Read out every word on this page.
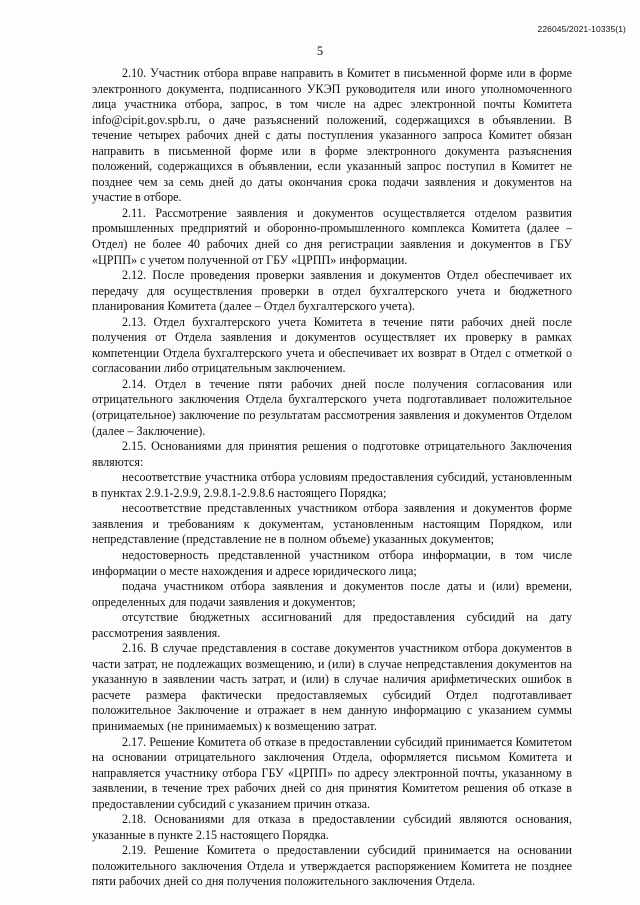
226045/2021-10335(1)
5

2.10. Участник отбора вправе направить в Комитет в письменной форме или в форме электронного документа, подписанного УКЭП руководителя или иного уполномоченного лица участника отбора, запрос, в том числе на адрес электронной почты Комитета info@cipit.gov.spb.ru, о даче разъяснений положений, содержащихся в объявлении. В течение четырех рабочих дней с даты поступления указанного запроса Комитет обязан направить в письменной форме или в форме электронного документа разъяснения положений, содержащихся в объявлении, если указанный запрос поступил в Комитет не позднее чем за семь дней до даты окончания срока подачи заявления и документов на участие в отборе.

2.11. Рассмотрение заявления и документов осуществляется отделом развития промышленных предприятий и оборонно-промышленного комплекса Комитета (далее – Отдел) не более 40 рабочих дней со дня регистрации заявления и документов в ГБУ «ЦРПП» с учетом полученной от ГБУ «ЦРПП» информации.

2.12. После проведения проверки заявления и документов Отдел обеспечивает их передачу для осуществления проверки в отдел бухгалтерского учета и бюджетного планирования Комитета (далее – Отдел бухгалтерского учета).

2.13. Отдел бухгалтерского учета Комитета в течение пяти рабочих дней после получения от Отдела заявления и документов осуществляет их проверку в рамках компетенции Отдела бухгалтерского учета и обеспечивает их возврат в Отдел с отметкой о согласовании либо отрицательным заключением.

2.14. Отдел в течение пяти рабочих дней после получения согласования или отрицательного заключения Отдела бухгалтерского учета подготавливает положительное (отрицательное) заключение по результатам рассмотрения заявления и документов Отделом (далее – Заключение).

2.15. Основаниями для принятия решения о подготовке отрицательного Заключения являются:

несоответствие участника отбора условиям предоставления субсидий, установленным в пунктах 2.9.1-2.9.9, 2.9.8.1-2.9.8.6 настоящего Порядка;

несоответствие представленных участником отбора заявления и документов форме заявления и требованиям к документам, установленным настоящим Порядком, или непредставление (представление не в полном объеме) указанных документов;

недостоверность представленной участником отбора информации, в том числе информации о месте нахождения и адресе юридического лица;

подача участником отбора заявления и документов после даты и (или) времени, определенных для подачи заявления и документов;

отсутствие бюджетных ассигнований для предоставления субсидий на дату рассмотрения заявления.

2.16. В случае представления в составе документов участником отбора документов в части затрат, не подлежащих возмещению, и (или) в случае непредставления документов на указанную в заявлении часть затрат, и (или) в случае наличия арифметических ошибок в расчете размера фактически предоставляемых субсидий Отдел подготавливает положительное Заключение и отражает в нем данную информацию с указанием суммы принимаемых (не принимаемых) к возмещению затрат.

2.17. Решение Комитета об отказе в предоставлении субсидий принимается Комитетом на основании отрицательного заключения Отдела, оформляется письмом Комитета и направляется участнику отбора ГБУ «ЦРПП» по адресу электронной почты, указанному в заявлении, в течение трех рабочих дней со дня принятия Комитетом решения об отказе в предоставлении субсидий с указанием причин отказа.

2.18. Основаниями для отказа в предоставлении субсидий являются основания, указанные в пункте 2.15 настоящего Порядка.

2.19. Решение Комитета о предоставлении субсидий принимается на основании положительного заключения Отдела и утверждается распоряжением Комитета не позднее пяти рабочих дней со дня получения положительного заключения Отдела.
